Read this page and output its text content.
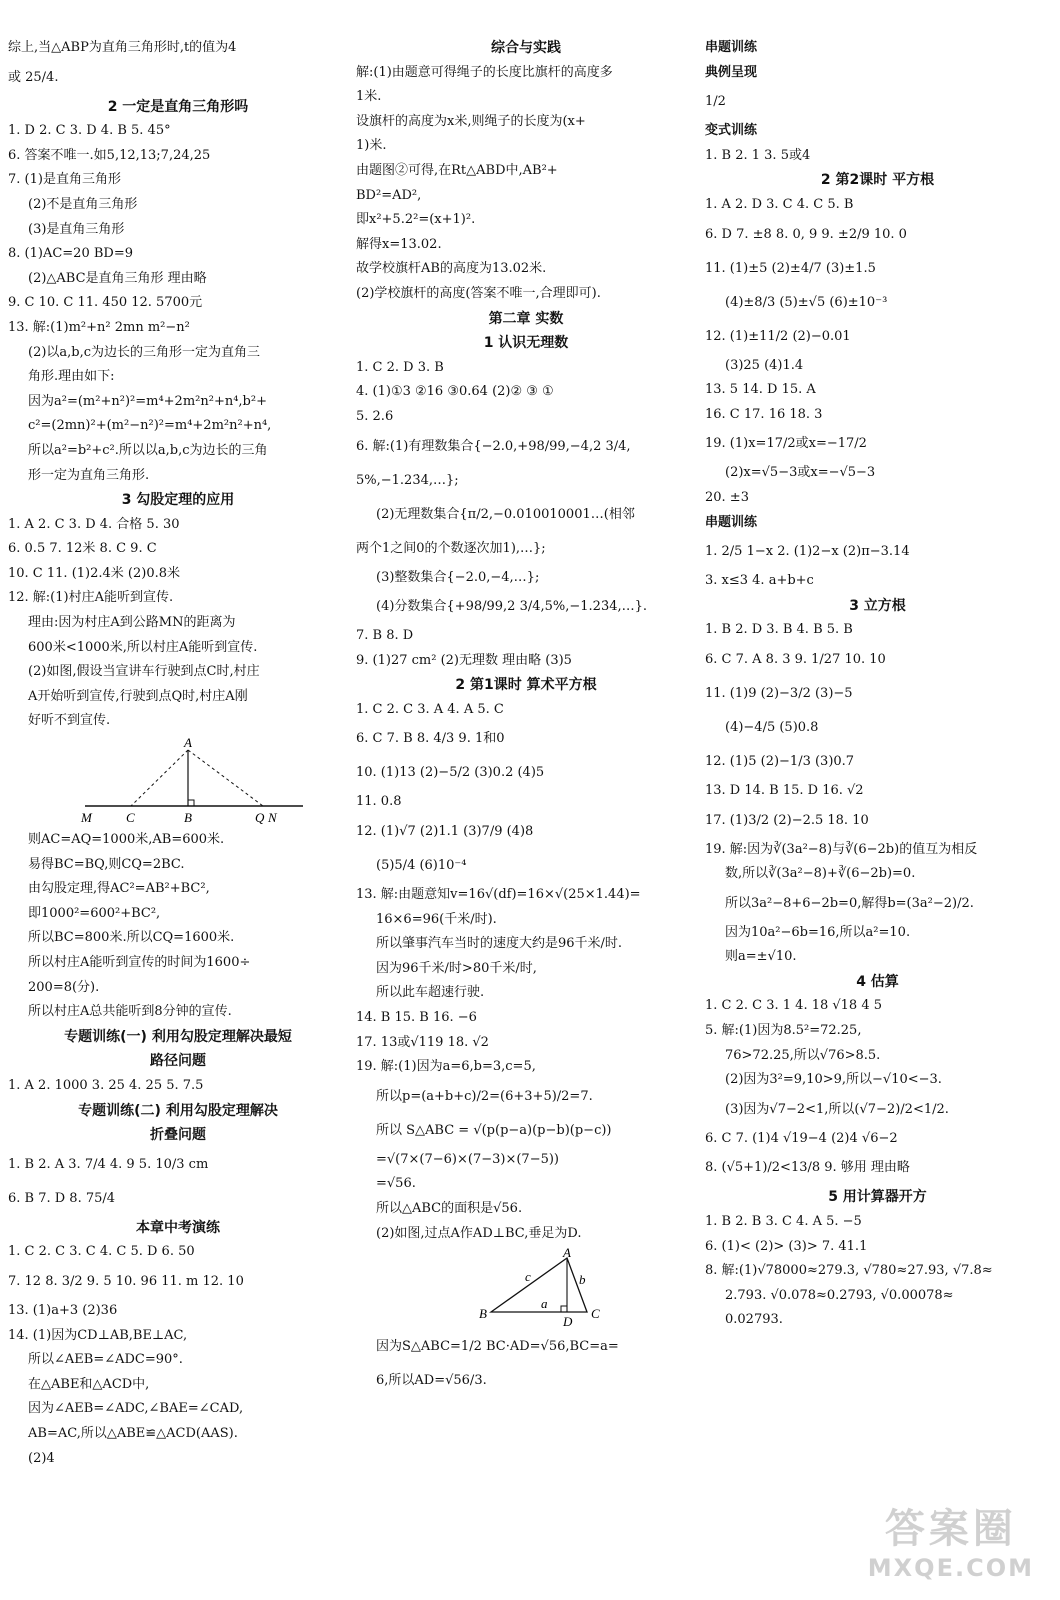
综上,当△ABP为直角三角形时,t的值为4
或 25/4.
2 一定是直角三角形吗
1. D 2. C 3. D 4. B 5. 45°
6. 答案不唯一.如5,12,13;7,24,25
7. (1)是直角三角形
(2)不是直角三角形
(3)是直角三角形
8. (1)AC=20 BD=9
(2)△ABC是直角三角形 理由略
9. C 10. C 11. 450 12. 5700元
13. 解:(1)m²+n² 2mn m²−n²
(2)以a,b,c为边长的三角形一定为直角三
角形.理由如下:
因为a²=(m²+n²)²=m⁴+2m²n²+n⁴,b²+
c²=(2mn)²+(m²−n²)²=m⁴+2m²n²+n⁴,
所以a²=b²+c².所以以a,b,c为边长的三角
形一定为直角三角形.
3 勾股定理的应用
1. A 2. C 3. D 4. 合格 5. 30
6. 0.5 7. 12米 8. C 9. C
10. C 11. (1)2.4米 (2)0.8米
12. 解:(1)村庄A能听到宣传.
理由:因为村庄A到公路MN的距离为
600米<1000米,所以村庄A能听到宣传.
(2)如图,假设当宣讲车行驶到点C时,村庄
A开始听到宣传,行驶到点Q时,村庄A刚
好听不到宣传.
A
B
C	Q
M	N
则AC=AQ=1000米,AB=600米.
易得BC=BQ,则CQ=2BC.
由勾股定理,得AC²=AB²+BC²,
即1000²=600²+BC²,
所以BC=800米.所以CQ=1600米.
所以村庄A能听到宣传的时间为1600÷
200=8(分).
所以村庄A总共能听到8分钟的宣传.
专题训练(一) 利用勾股定理解决最短
路径问题
1. A 2. 1000 3. 25 4. 25 5. 7.5
专题训练(二) 利用勾股定理解决
折叠问题
1. B 2. A 3. 7/4 4. 9 5. 10/3 cm
6. B 7. D 8. 75/4
本章中考演练
1. C 2. C 3. C 4. C 5. D 6. 50
7. 12 8. 3/2 9. 5 10. 96 11. m 12. 10
13. (1)a+3 (2)36
14. (1)因为CD⊥AB,BE⊥AC,
所以∠AEB=∠ADC=90°.
在△ABE和△ACD中,
因为∠AEB=∠ADC,∠BAE=∠CAD,
AB=AC,所以△ABE≌△ACD(AAS).
(2)4
综合与实践
解:(1)由题意可得绳子的长度比旗杆的高度多
1米.
设旗杆的高度为x米,则绳子的长度为(x+
1)米.
由题图②可得,在Rt△ABD中,AB²+
BD²=AD²,
即x²+5.2²=(x+1)².
解得x=13.02.
故学校旗杆AB的高度为13.02米.
(2)学校旗杆的高度(答案不唯一,合理即可).
第二章 实数
1 认识无理数
1. C 2. D 3. B
4. (1)①3 ②16 ③0.64 (2)② ③ ①
5. 2.6
6. 解:(1)有理数集合{−2.0,+98/99,−4,2 3/4,
5%,−1.23̇4̇,…};
(2)无理数集合{π/2,−0.010010001…(相邻
两个1之间0的个数逐次加1),…};
(3)整数集合{−2.0,−4,…};
(4)分数集合{+98/99,2 3/4,5%,−1.23̇4̇,…}.
7. B 8. D
9. (1)27 cm² (2)无理数 理由略 (3)5
2 第1课时 算术平方根
1. C 2. C 3. A 4. A 5. C
6. C 7. B 8. 4/3 9. 1和0
10. (1)13 (2)−5/2 (3)0.2 (4)5
11. 0.8
12. (1)√7 (2)1.1 (3)7/9 (4)8
(5)5/4 (6)10⁻⁴
13. 解:由题意知v=16√(df)=16×√(25×1.44)=
16×6=96(千米/时).
所以肇事汽车当时的速度大约是96千米/时.
因为96千米/时>80千米/时,
所以此车超速行驶.
14. B 15. B 16. −6
17. 13或√119 18. √2
19. 解:(1)因为a=6,b=3,c=5,
所以p=(a+b+c)/2=(6+3+5)/2=7.
所以 S△ABC = √(p(p−a)(p−b)(p−c))
=√(7×(7−6)×(7−3)×(7−5))
=√56.
所以△ABC的面积是√56.
(2)如图,过点A作AD⊥BC,垂足为D.
A
B	C
D
c	b
a
因为S△ABC=1/2 BC·AD=√56,BC=a=
6,所以AD=√56/3.
串题训练
典例呈现
1/2
变式训练
1. B 2. 1 3. 5或4
2 第2课时 平方根
1. A 2. D 3. C 4. C 5. B
6. D 7. ±8 8. 0, 9 9. ±2/9 10. 0
11. (1)±5 (2)±4/7 (3)±1.5
(4)±8/3 (5)±√5 (6)±10⁻³
12. (1)±11/2 (2)−0.01
(3)25 (4)1.4
13. 5 14. D 15. A
16. C 17. 16 18. 3
19. (1)x=17/2或x=−17/2
(2)x=√5−3或x=−√5−3
20. ±3
串题训练
1. 2/5 1−x 2. (1)2−x (2)π−3.14
3. x≤3 4. a+b+c
3 立方根
1. B 2. D 3. B 4. B 5. B
6. C 7. A 8. 3 9. 1/27 10. 10
11. (1)9 (2)−3/2 (3)−5
(4)−4/5 (5)0.8
12. (1)5 (2)−1/3 (3)0.7
13. D 14. B 15. D 16. √2
17. (1)3/2 (2)−2.5 18. 10
19. 解:因为∛(3a²−8)与∛(6−2b)的值互为相反
数,所以∛(3a²−8)+∛(6−2b)=0.
所以3a²−8+6−2b=0,解得b=(3a²−2)/2.
因为10a²−6b=16,所以a²=10.
则a=±√10.
4 估算
1. C 2. C 3. 1 4. 18 √18 4 5
5. 解:(1)因为8.5²=72.25,
76>72.25,所以√76>8.5.
(2)因为3²=9,10>9,所以−√10<−3.
(3)因为√7−2<1,所以(√7−2)/2<1/2.
6. C 7. (1)4 √19−4 (2)4 √6−2
8. (√5+1)/2<13/8 9. 够用 理由略
5 用计算器开方
1. B 2. B 3. C 4. A 5. −5
6. (1)< (2)> (3)> 7. 41.1
8. 解:(1)√78000≈279.3, √780≈27.93, √7.8≈
2.793. √0.078≈0.2793, √0.00078≈
0.02793.
答案圈
MXQE.COM
